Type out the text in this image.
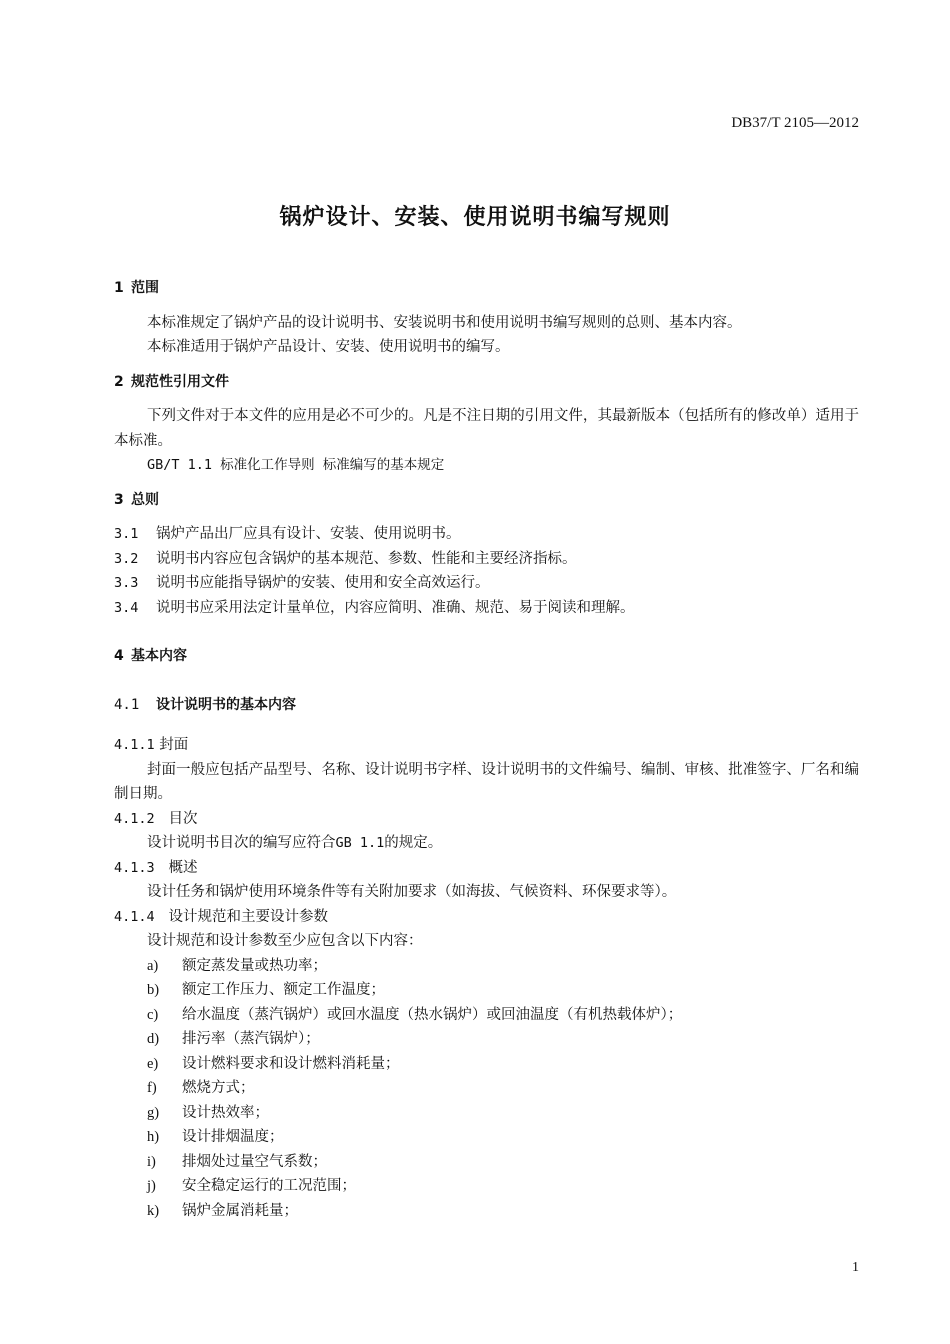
DB37/T 2105—2012
锅炉设计、安装、使用说明书编写规则
1 范围

本标准规定了锅炉产品的设计说明书、安装说明书和使用说明书编写规则的总则、基本内容。

本标准适用于锅炉产品设计、安装、使用说明书的编写。

2 规范性引用文件

下列文件对于本文件的应用是必不可少的。凡是不注日期的引用文件，其最新版本（包括所有的修改单）适用于本标准。

GB/T 1.1 标准化工作导则 标准编写的基本规定

3 总则

3.1 锅炉产品出厂应具有设计、安装、使用说明书。

3.2 说明书内容应包含锅炉的基本规范、参数、性能和主要经济指标。

3.3 说明书应能指导锅炉的安装、使用和安全高效运行。

3.4 说明书应采用法定计量单位，内容应简明、准确、规范、易于阅读和理解。

4 基本内容
4.1 设计说明书的基本内容

4.1.1 封面

封面一般应包括产品型号、名称、设计说明书字样、设计说明书的文件编号、编制、审核、批准签字、厂名和编制日期。

4.1.2 目次

设计说明书目次的编写应符合GB 1.1的规定。

4.1.3 概述

设计任务和锅炉使用环境条件等有关附加要求（如海拔、气候资料、环保要求等）。

4.1.4 设计规范和主要设计参数

设计规范和设计参数至少应包含以下内容：

a) 额定蒸发量或热功率；

b) 额定工作压力、额定工作温度；

c) 给水温度（蒸汽锅炉）或回水温度（热水锅炉）或回油温度（有机热载体炉）；

d) 排污率（蒸汽锅炉）；

e) 设计燃料要求和设计燃料消耗量；

f) 燃烧方式；

g) 设计热效率；

h) 设计排烟温度；

i) 排烟处过量空气系数；

j) 安全稳定运行的工况范围；

k) 锅炉金属消耗量；

1
